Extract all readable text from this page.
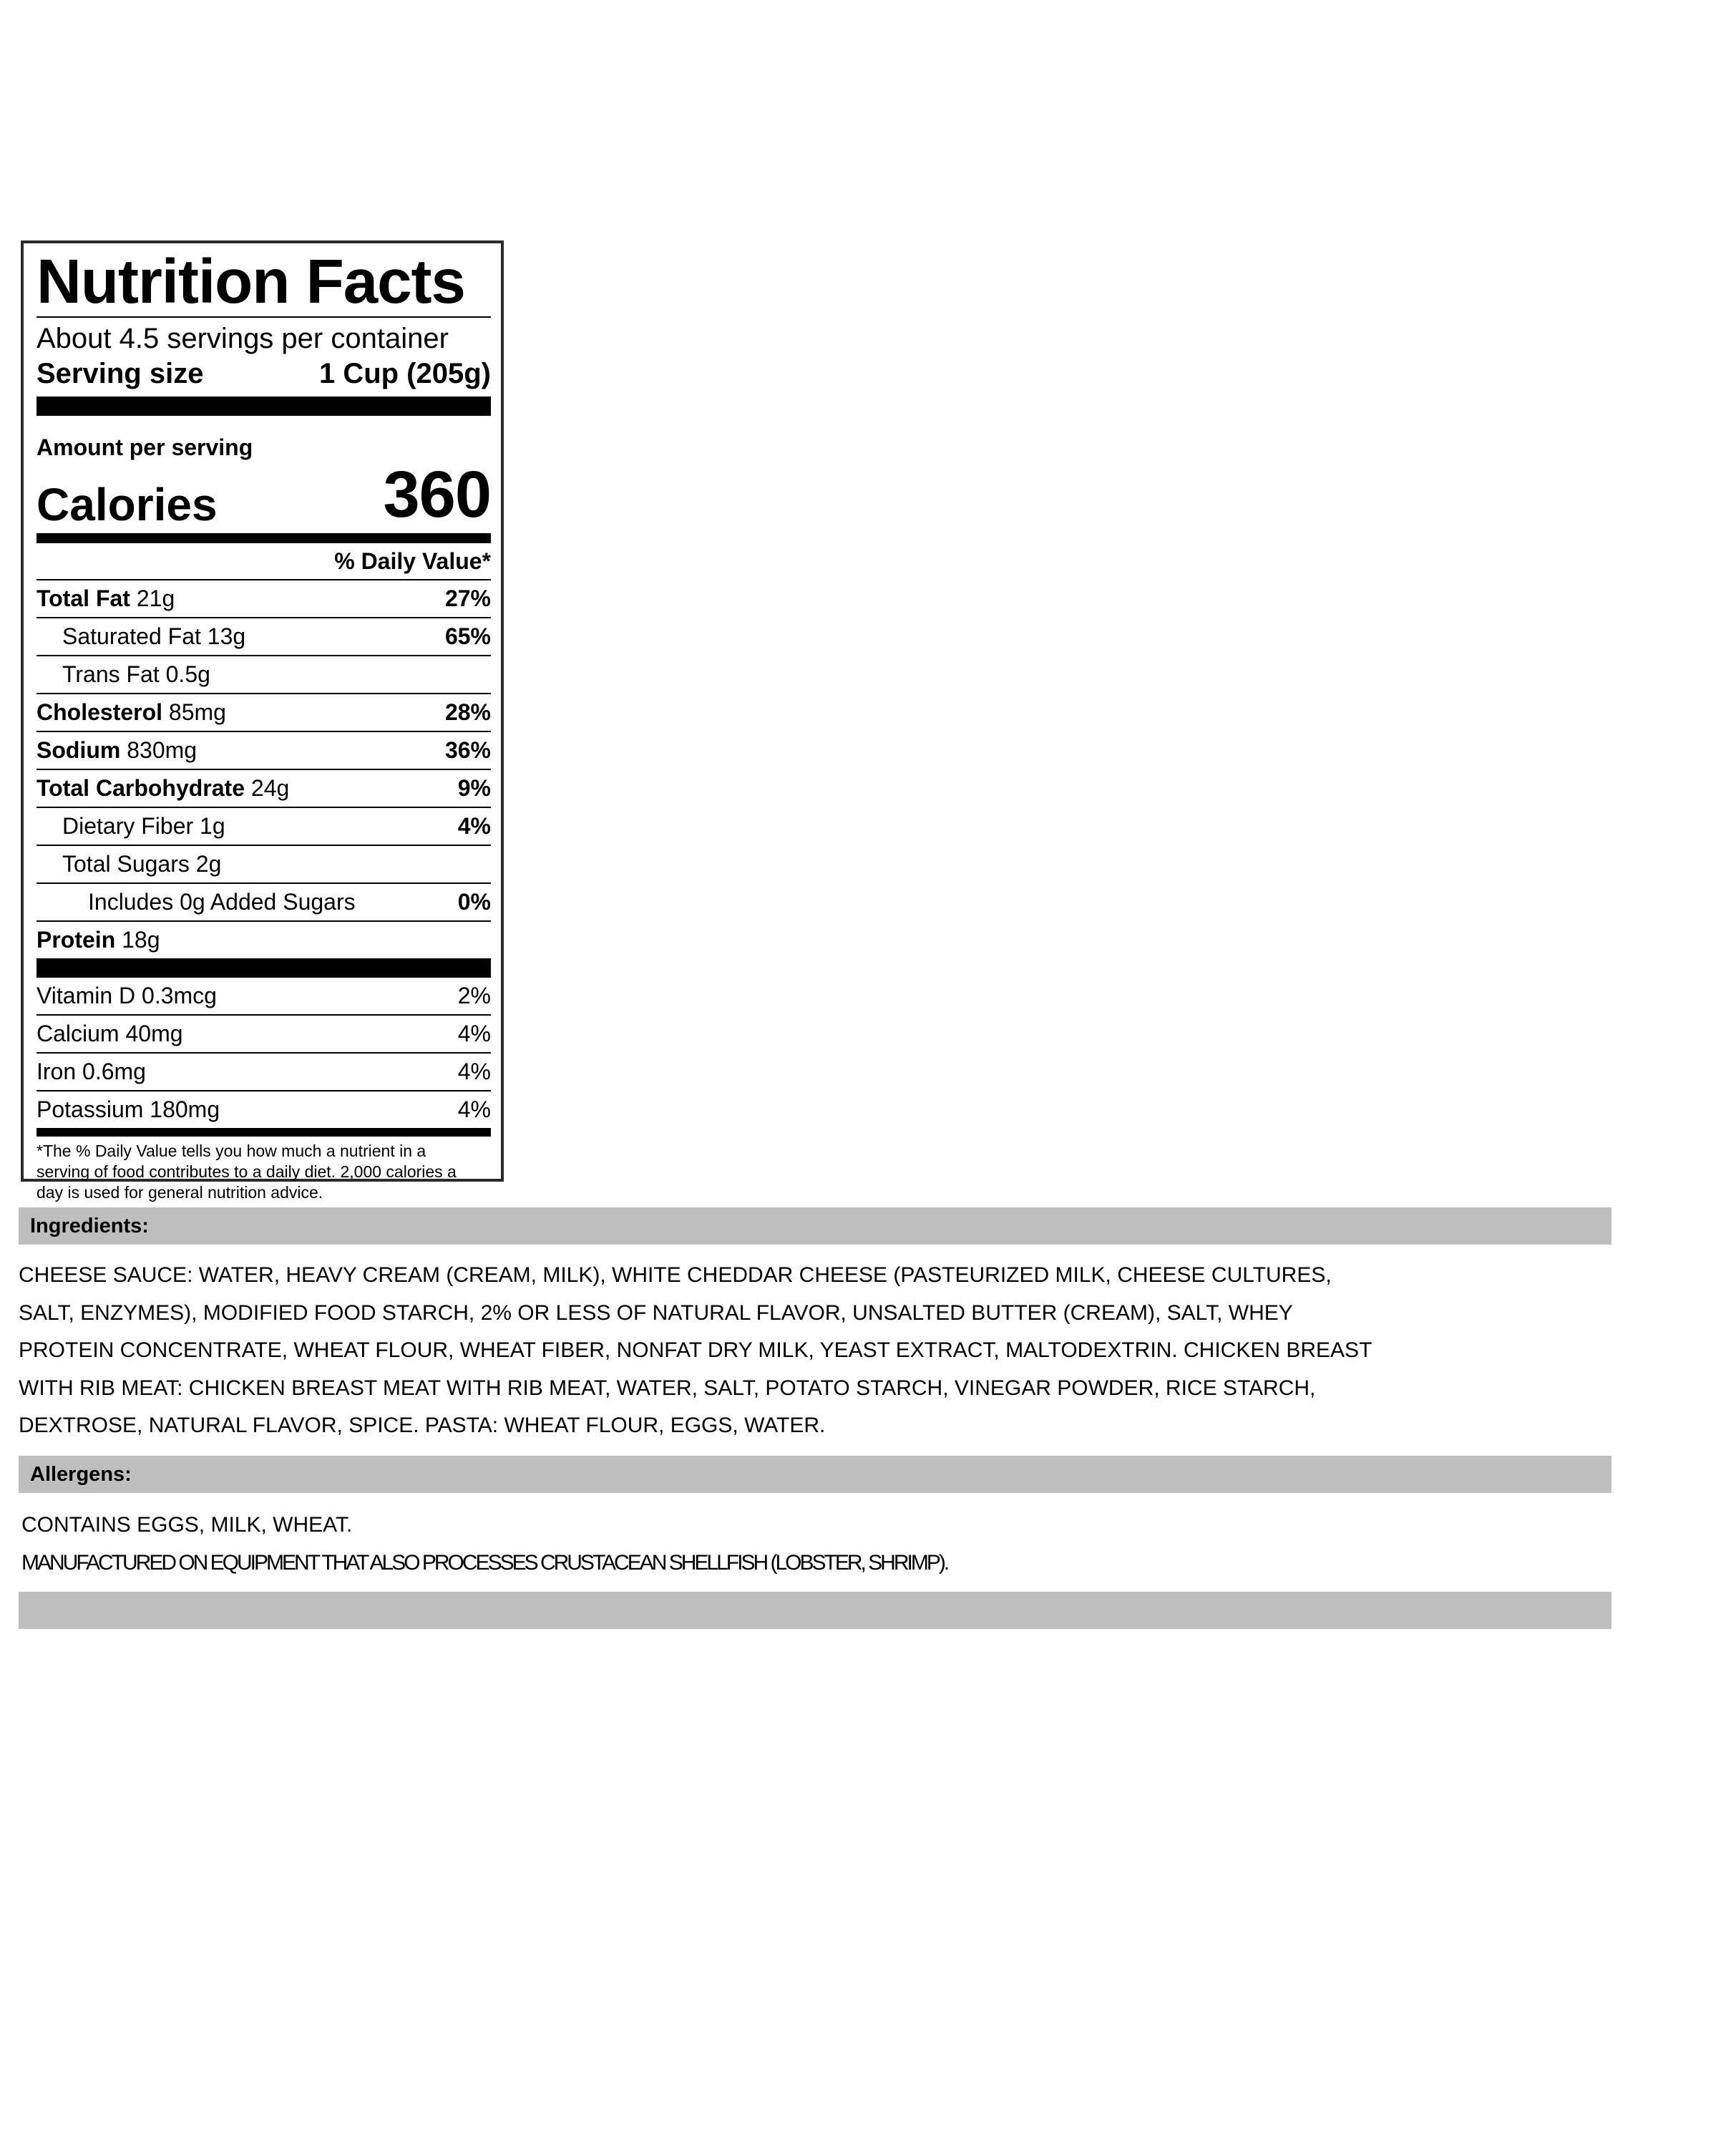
Nutrition Facts
About 4.5 servings per container
Serving size	1 Cup (205g)
Amount per serving
Calories	360
% Daily Value*
Total Fat 21g	27%
Saturated Fat 13g	65%
Trans Fat 0.5g
Cholesterol 85mg	28%
Sodium 830mg	36%
Total Carbohydrate 24g	9%
Dietary Fiber 1g	4%
Total Sugars 2g
Includes 0g Added Sugars	0%
Protein 18g
Vitamin D 0.3mcg	2%
Calcium 40mg	4%
Iron 0.6mg	4%
Potassium 180mg	4%
*The % Daily Value tells you how much a nutrient in a
serving of food contributes to a daily diet. 2,000 calories a
day is used for general nutrition advice.
Ingredients:
CHEESE SAUCE: WATER, HEAVY CREAM (CREAM, MILK), WHITE CHEDDAR CHEESE (PASTEURIZED MILK, CHEESE CULTURES,
SALT, ENZYMES), MODIFIED FOOD STARCH, 2% OR LESS OF NATURAL FLAVOR, UNSALTED BUTTER (CREAM), SALT, WHEY
PROTEIN CONCENTRATE, WHEAT FLOUR, WHEAT FIBER, NONFAT DRY MILK, YEAST EXTRACT, MALTODEXTRIN. CHICKEN BREAST
WITH RIB MEAT: CHICKEN BREAST MEAT WITH RIB MEAT, WATER, SALT, POTATO STARCH, VINEGAR POWDER, RICE STARCH,
DEXTROSE, NATURAL FLAVOR, SPICE. PASTA: WHEAT FLOUR, EGGS, WATER.
Allergens:
CONTAINS EGGS, MILK, WHEAT.
MANUFACTURED ON EQUIPMENT THAT ALSO PROCESSES CRUSTACEAN SHELLFISH (LOBSTER, SHRIMP).
